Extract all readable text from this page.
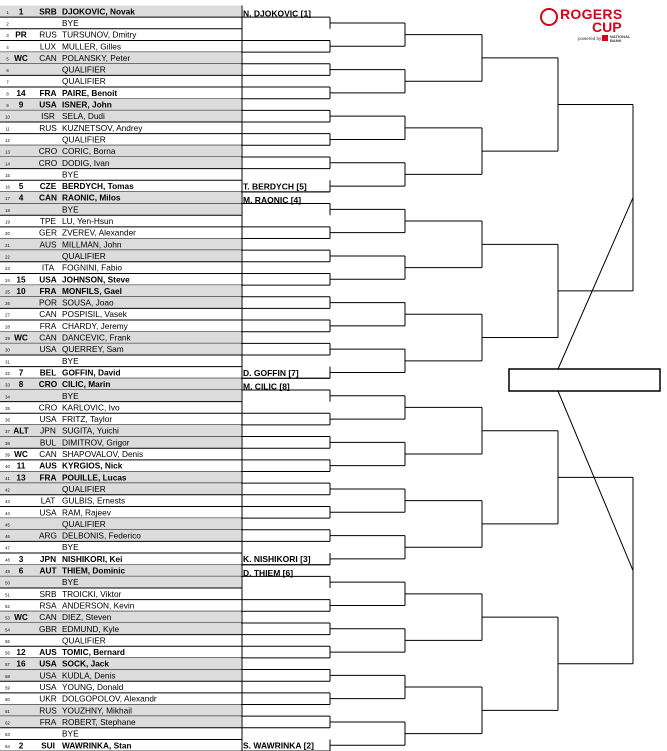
ROGERS
CUP
powered by NATIONAL BANK
1 1 SRB DJOKOVIC, Novak
2	BYE
3 PR RUS TURSUNOV, Dmitry
4	LUX MULLER, Gilles
5 WC CAN POLANSKY, Peter
6	QUALIFIER
7	QUALIFIER
8 14 FRA PAIRE, Benoit
9 9 USA ISNER, John
10	ISR SELA, Dudi
11	RUS KUZNETSOV, Andrey
12	QUALIFIER
13	CRO CORIC, Borna
14	CRO DODIG, Ivan
15	BYE
16 5 CZE BERDYCH, Tomas
17 4 CAN RAONIC, Milos
18	BYE
19	TPE LU, Yen-Hsun
20	GER ZVEREV, Alexander
21	AUS MILLMAN, John
22	QUALIFIER
23	ITA FOGNINI, Fabio
24 15 USA JOHNSON, Steve
25 10 FRA MONFILS, Gael
26	POR SOUSA, Joao
27	CAN POSPISIL, Vasek
28	FRA CHARDY, Jeremy
29 WC CAN DANCEVIC, Frank
30	USA QUERREY, Sam
31	BYE
32 7 BEL GOFFIN, David
33 8 CRO CILIC, Marin
34	BYE
35	CRO KARLOVIC, Ivo
36	USA FRITZ, Taylor
37 ALT JPN SUGITA, Yuichi
38	BUL DIMITROV, Grigor
39 WC CAN SHAPOVALOV, Denis
40 11 AUS KYRGIOS, Nick
41 13 FRA POUILLE, Lucas
42	QUALIFIER
43	LAT GULBIS, Ernests
44	USA RAM, Rajeev
45	QUALIFIER
46	ARG DELBONIS, Federico
47	BYE
48 3 JPN NISHIKORI, Kei
49 6 AUT THIEM, Dominic
50	BYE
51	SRB TROICKI, Viktor
52	RSA ANDERSON, Kevin
53 WC CAN DIEZ, Steven
54	GBR EDMUND, Kyle
55	QUALIFIER
56 12 AUS TOMIC, Bernard
57 16 USA SOCK, Jack
58	USA KUDLA, Denis
59	USA YOUNG, Donald
60	UKR DOLGOPOLOV, Alexandr
61	RUS YOUZHNY, Mikhail
62	FRA ROBERT, Stephane
63	BYE
64 2 SUI WAWRINKA, Stan
N. DJOKOVIC [1]
T. BERDYCH [5]
M. RAONIC [4]
D. GOFFIN [7]
M. CILIC [8]
K. NISHIKORI [3]
D. THIEM [6]
S. WAWRINKA [2]
